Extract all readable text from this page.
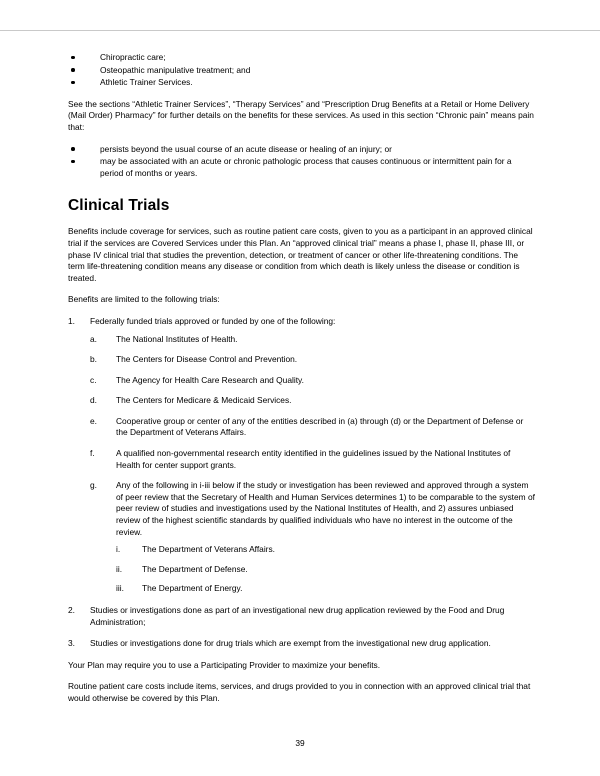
Chiropractic care;
Osteopathic manipulative treatment; and
Athletic Trainer Services.

See the sections “Athletic Trainer Services”, “Therapy Services” and “Prescription Drug Benefits at a Retail or Home Delivery (Mail Order) Pharmacy” for further details on the benefits for these services. As used in this section “Chronic pain” means pain that:

persists beyond the usual course of an acute disease or healing of an injury; or
may be associated with an acute or chronic pathologic process that causes continuous or intermittent pain for a period of months or years.
Clinical Trials

Benefits include coverage for services, such as routine patient care costs, given to you as a participant in an approved clinical trial if the services are Covered Services under this Plan. An “approved clinical trial” means a phase I, phase II, phase III, or phase IV clinical trial that studies the prevention, detection, or treatment of cancer or other life-threatening conditions. The term life-threatening condition means any disease or condition from which death is likely unless the disease or condition is treated.

Benefits are limited to the following trials:

1.	Federally funded trials approved or funded by one of the following:
a.	The National Institutes of Health.
b.	The Centers for Disease Control and Prevention.
c.	The Agency for Health Care Research and Quality.
d.	The Centers for Medicare & Medicaid Services.
e.	Cooperative group or center of any of the entities described in (a) through (d) or the Department of Defense or the Department of Veterans Affairs.
f.	A qualified non-governmental research entity identified in the guidelines issued by the National Institutes of Health for center support grants.
g.	Any of the following in i-iii below if the study or investigation has been reviewed and approved through a system of peer review that the Secretary of Health and Human Services determines 1) to be comparable to the system of peer review of studies and investigations used by the National Institutes of Health, and 2) assures unbiased review of the highest scientific standards by qualified individuals who have no interest in the outcome of the review.
i.	The Department of Veterans Affairs.
ii.	The Department of Defense.
iii.	The Department of Energy.
2.	Studies or investigations done as part of an investigational new drug application reviewed by the Food and Drug Administration;
3.	Studies or investigations done for drug trials which are exempt from the investigational new drug application.

Your Plan may require you to use a Participating Provider to maximize your benefits.

Routine patient care costs include items, services, and drugs provided to you in connection with an approved clinical trial that would otherwise be covered by this Plan.

39
